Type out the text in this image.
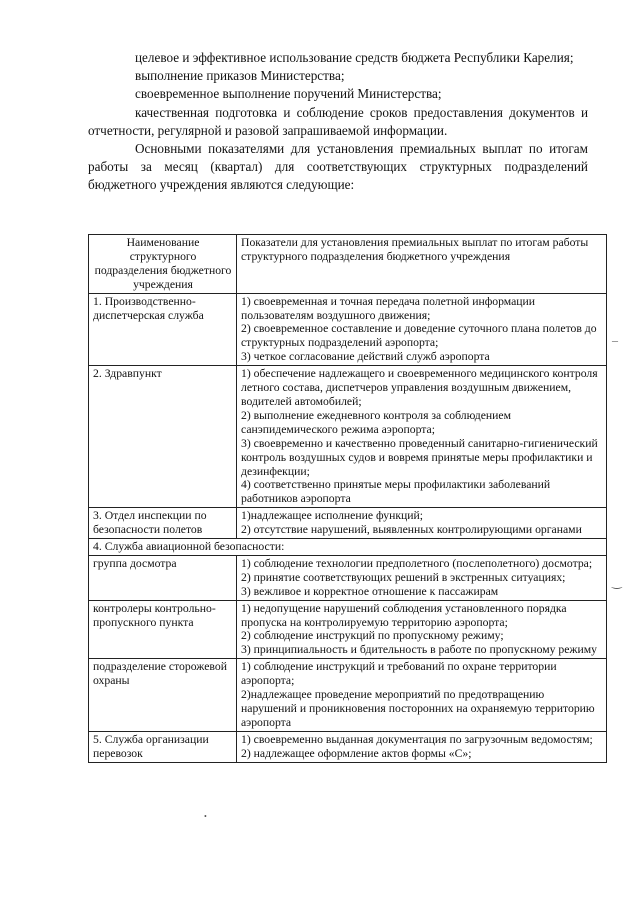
целевое и эффективное использование средств бюджета Республики Карелия;

выполнение приказов Министерства;

своевременное выполнение поручений Министерства;

качественная подготовка и соблюдение сроков предоставления документов и отчетности, регулярной и разовой запрашиваемой информации.

Основными показателями для установления премиальных выплат по итогам работы за месяц (квартал) для соответствующих структурных подразделений бюджетного учреждения являются следующие:

Наименование структурного подразделения бюджетного учреждения	Показатели для установления премиальных выплат по итогам работы структурного подразделения бюджетного учреждения
1. Производственно-диспетчерская служба	1) своевременная и точная передача полетной информации пользователям воздушного движения;
2) своевременное составление и доведение суточного плана полетов до структурных подразделений аэропорта;
3) четкое согласование действий служб аэропорта

2. Здравпункт	1) обеспечение надлежащего и своевременного медицинского контроля летного состава, диспетчеров управления воздушным движением, водителей автомобилей;
2) выполнение ежедневного контроля за соблюдением санэпидемического режима аэропорта;
3) своевременно и качественно проведенный санитарно-гигиенический контроль воздушных судов и вовремя принятые меры профилактики и дезинфекции;
4) соответственно принятые меры профилактики заболеваний работников аэропорта

3. Отдел инспекции по безопасности полетов	1)надлежащее исполнение функций;
2) отсутствие нарушений, выявленных контролирующими органами

4. Служба авиационной безопасности:	
группа досмотра	1) соблюдение технологии предполетного (послеполетного) досмотра;
2) принятие соответствующих решений в экстренных ситуациях;
3) вежливое и корректное отношение к пассажирам

контролеры контрольно-пропускного пункта	1) недопущение нарушений соблюдения установленного порядка пропуска на контролируемую территорию аэропорта;
2) соблюдение инструкций по пропускному режиму;
3) принципиальность и бдительность в работе по пропускному режиму

подразделение сторожевой охраны	1) соблюдение инструкций и требований по охране территории аэропорта;
2)надлежащее проведение мероприятий по предотвращению нарушений и проникновения посторонних на охраняемую территорию аэропорта

5. Служба организации перевозок	1) своевременно выданная документация по загрузочным ведомостям;
2) надлежащее оформление актов формы «С»;
–
‿
•
